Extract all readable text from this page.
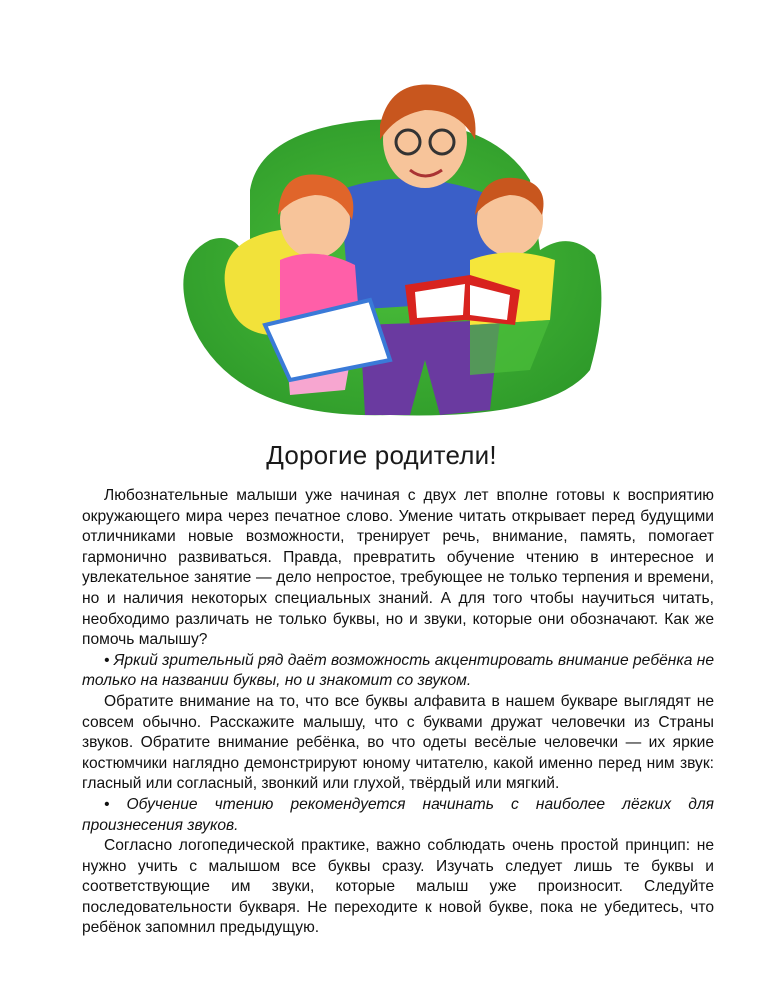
Дорогие родители!

Любознательные малыши уже начиная с двух лет вполне готовы к восприятию окружающего мира через печатное слово. Умение читать открывает перед будущими отличниками новые возможности, тренирует речь, внимание, память, помогает гармонично развиваться. Правда, превратить обучение чтению в интересное и увлекательное занятие — дело непростое, требующее не только терпения и времени, но и наличия некоторых специальных знаний. А для того чтобы научиться читать, необходимо различать не только буквы, но и звуки, которые они обозначают. Как же помочь малышу?

• Яркий зрительный ряд даёт возможность акцентировать внимание ребёнка не только на названии буквы, но и знакомит со звуком.

Обратите внимание на то, что все буквы алфавита в нашем букваре выглядят не совсем обычно. Расскажите малышу, что с буквами дружат человечки из Страны звуков. Обратите внимание ребёнка, во что одеты весёлые человечки — их яркие костюмчики наглядно демонстрируют юному читателю, какой именно перед ним звук: гласный или согласный, звонкий или глухой, твёрдый или мягкий.

• Обучение чтению рекомендуется начинать с наиболее лёгких для произнесения звуков.

Согласно логопедической практике, важно соблюдать очень простой принцип: не нужно учить с малышом все буквы сразу. Изучать следует лишь те буквы и соответствующие им звуки, которые малыш уже произносит. Следуйте последовательности букваря. Не переходите к новой букве, пока не убедитесь, что ребёнок запомнил предыдущую.
